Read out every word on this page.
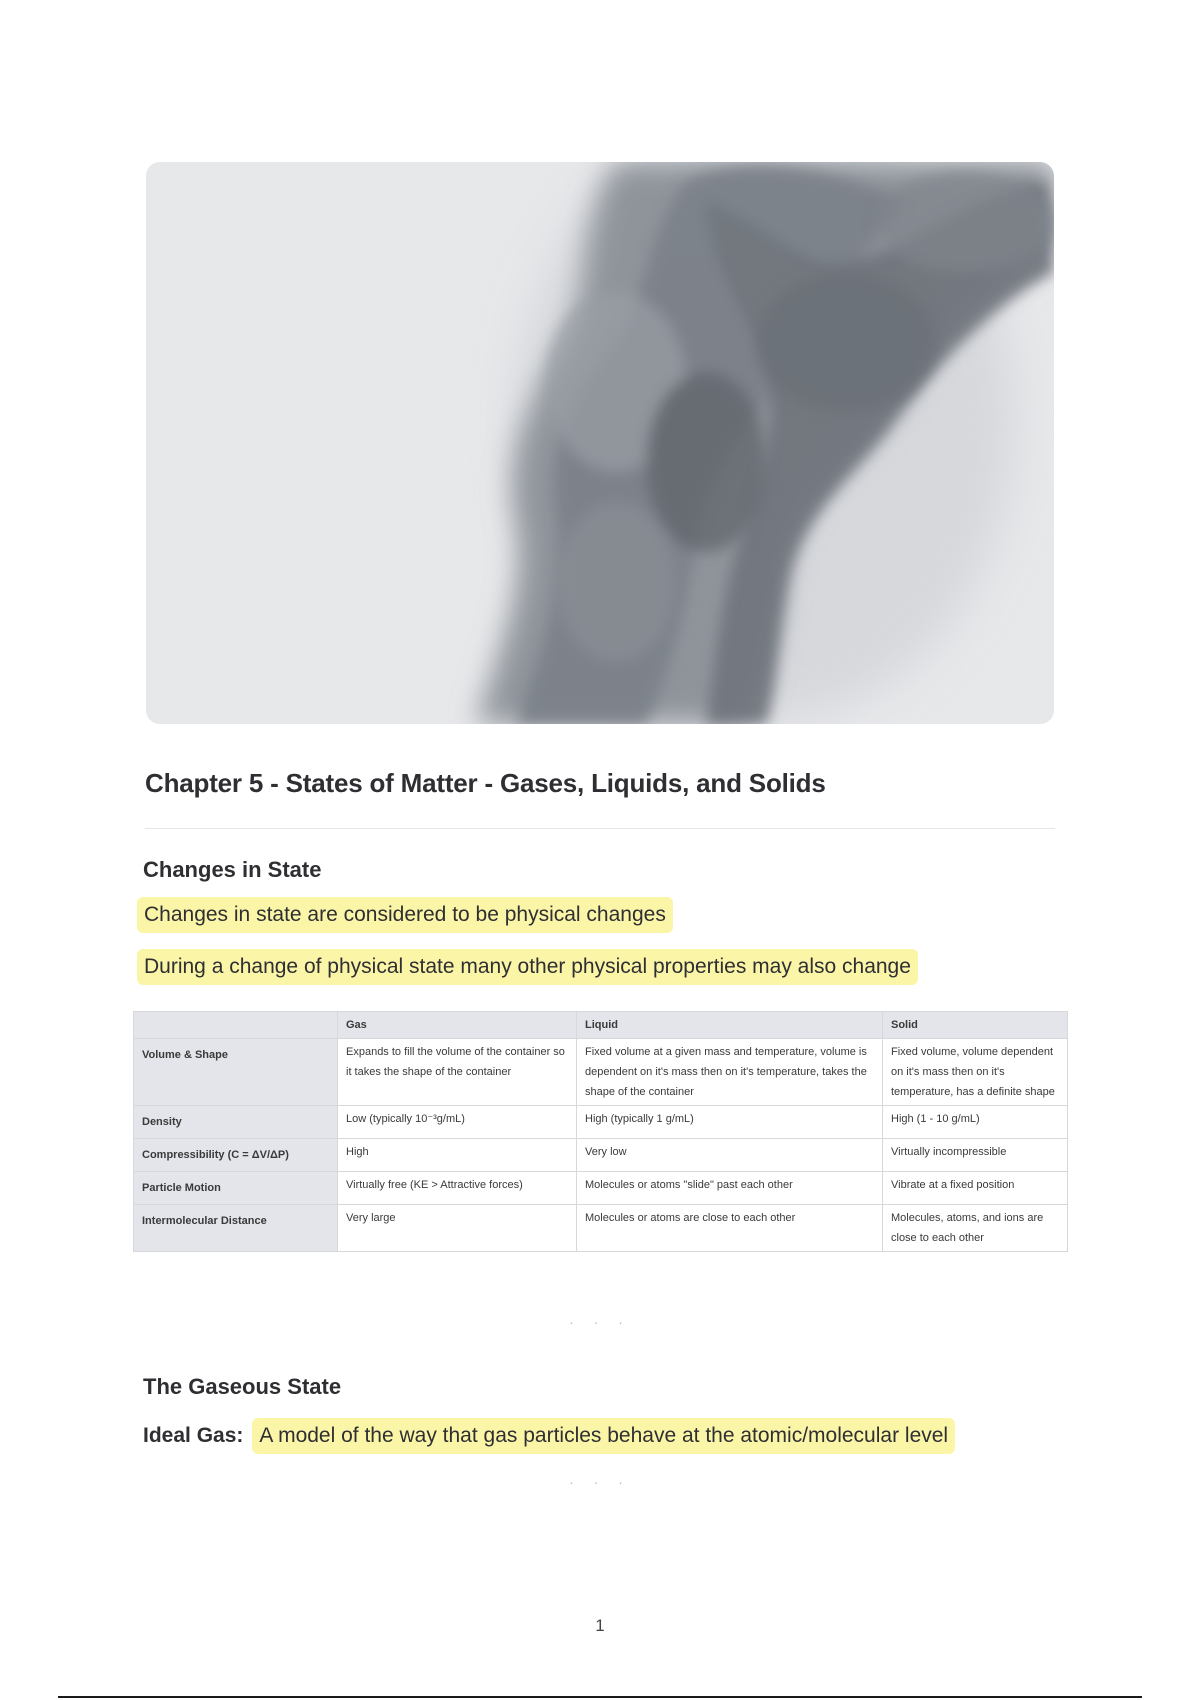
Chapter 5 - States of Matter - Gases, Liquids, and Solids
Changes in State
Changes in state are considered to be physical changes
During a change of physical state many other physical properties may also change
	Gas	Liquid	Solid
Volume & Shape	Expands to fill the volume of the container so it takes the shape of the container	Fixed volume at a given mass and temperature, volume is dependent on it's mass then on it's temperature, takes the shape of the container	Fixed volume, volume dependent on it's mass then on it's temperature, has a definite shape
Density	Low (typically 10⁻³g/mL)	High (typically 1 g/mL)	High (1 - 10 g/mL)
Compressibility (C = ΔV/ΔP)	High	Very low	Virtually incompressible
Particle Motion	Virtually free (KE > Attractive forces)	Molecules or atoms "slide" past each other	Vibrate at a fixed position
Intermolecular Distance	Very large	Molecules or atoms are close to each other	Molecules, atoms, and ions are close to each other
· · ·
The Gaseous State
Ideal Gas: A model of the way that gas particles behave at the atomic/molecular level
· · ·
1
